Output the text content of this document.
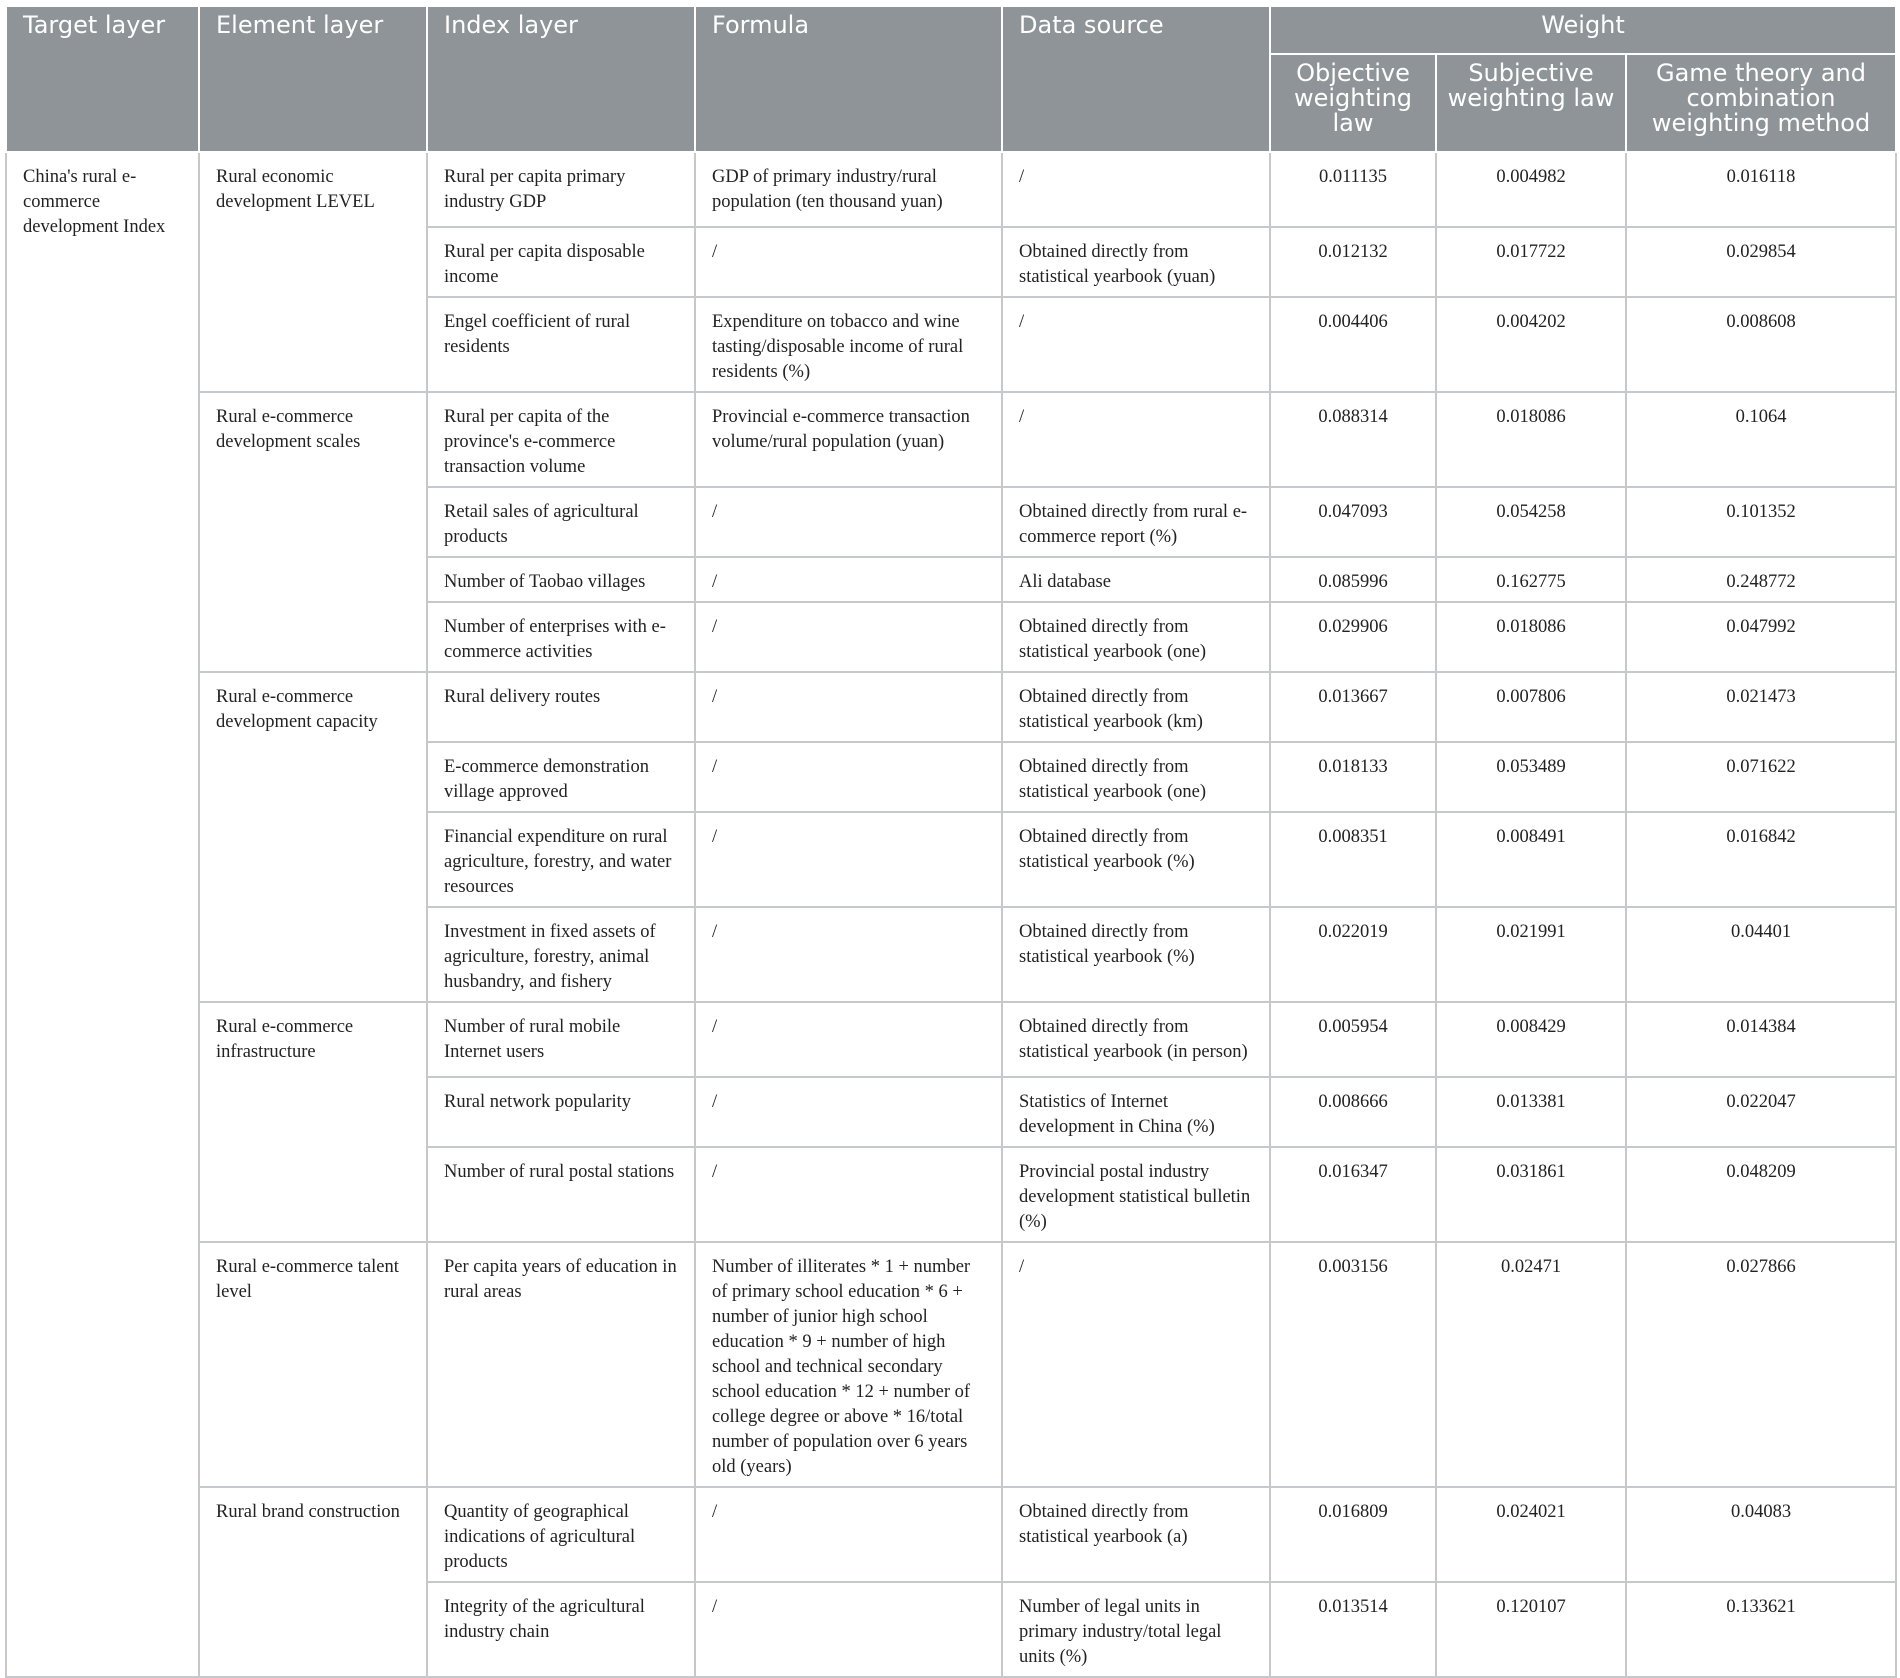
Target layer	Element layer	Index layer	Formula	Data source	Weight		
					Objective weighting law	Subjective weighting law	Game theory and combination weighting method
China's rural e-commerce development Index	Rural economic development LEVEL	Rural per capita primary industry GDP	GDP of primary industry/rural population (ten thousand yuan)	/	0.011135	0.004982	0.016118
		Rural per capita disposable income	/	Obtained directly from statistical yearbook (yuan)	0.012132	0.017722	0.029854
		Engel coefficient of rural residents	Expenditure on tobacco and wine tasting/disposable income of rural residents (%)	/	0.004406	0.004202	0.008608
	Rural e-commerce development scales	Rural per capita of the province's e-commerce transaction volume	Provincial e-commerce transaction volume/rural population (yuan)	/	0.088314	0.018086	0.1064
		Retail sales of agricultural products	/	Obtained directly from rural e-commerce report (%)	0.047093	0.054258	0.101352
		Number of Taobao villages	/	Ali database	0.085996	0.162775	0.248772
		Number of enterprises with e-commerce activities	/	Obtained directly from statistical yearbook (one)	0.029906	0.018086	0.047992
	Rural e-commerce development capacity	Rural delivery routes	/	Obtained directly from statistical yearbook (km)	0.013667	0.007806	0.021473
		E-commerce demonstration village approved	/	Obtained directly from statistical yearbook (one)	0.018133	0.053489	0.071622
		Financial expenditure on rural agriculture, forestry, and water resources	/	Obtained directly from statistical yearbook (%)	0.008351	0.008491	0.016842
		Investment in fixed assets of agriculture, forestry, animal husbandry, and fishery	/	Obtained directly from statistical yearbook (%)	0.022019	0.021991	0.04401
	Rural e-commerce infrastructure	Number of rural mobile Internet users	/	Obtained directly from statistical yearbook (in person)	0.005954	0.008429	0.014384
		Rural network popularity	/	Statistics of Internet development in China (%)	0.008666	0.013381	0.022047
		Number of rural postal stations	/	Provincial postal industry development statistical bulletin (%)	0.016347	0.031861	0.048209
	Rural e-commerce talent level	Per capita years of education in rural areas	Number of illiterates * 1 + number of primary school education * 6 + number of junior high school education * 9 + number of high school and technical secondary school education * 12 + number of college degree or above * 16/total number of population over 6 years old (years)	/	0.003156	0.02471	0.027866
	Rural brand construction	Quantity of geographical indications of agricultural products	/	Obtained directly from statistical yearbook (a)	0.016809	0.024021	0.04083
		Integrity of the agricultural industry chain	/	Number of legal units in primary industry/total legal units (%)	0.013514	0.120107	0.133621
